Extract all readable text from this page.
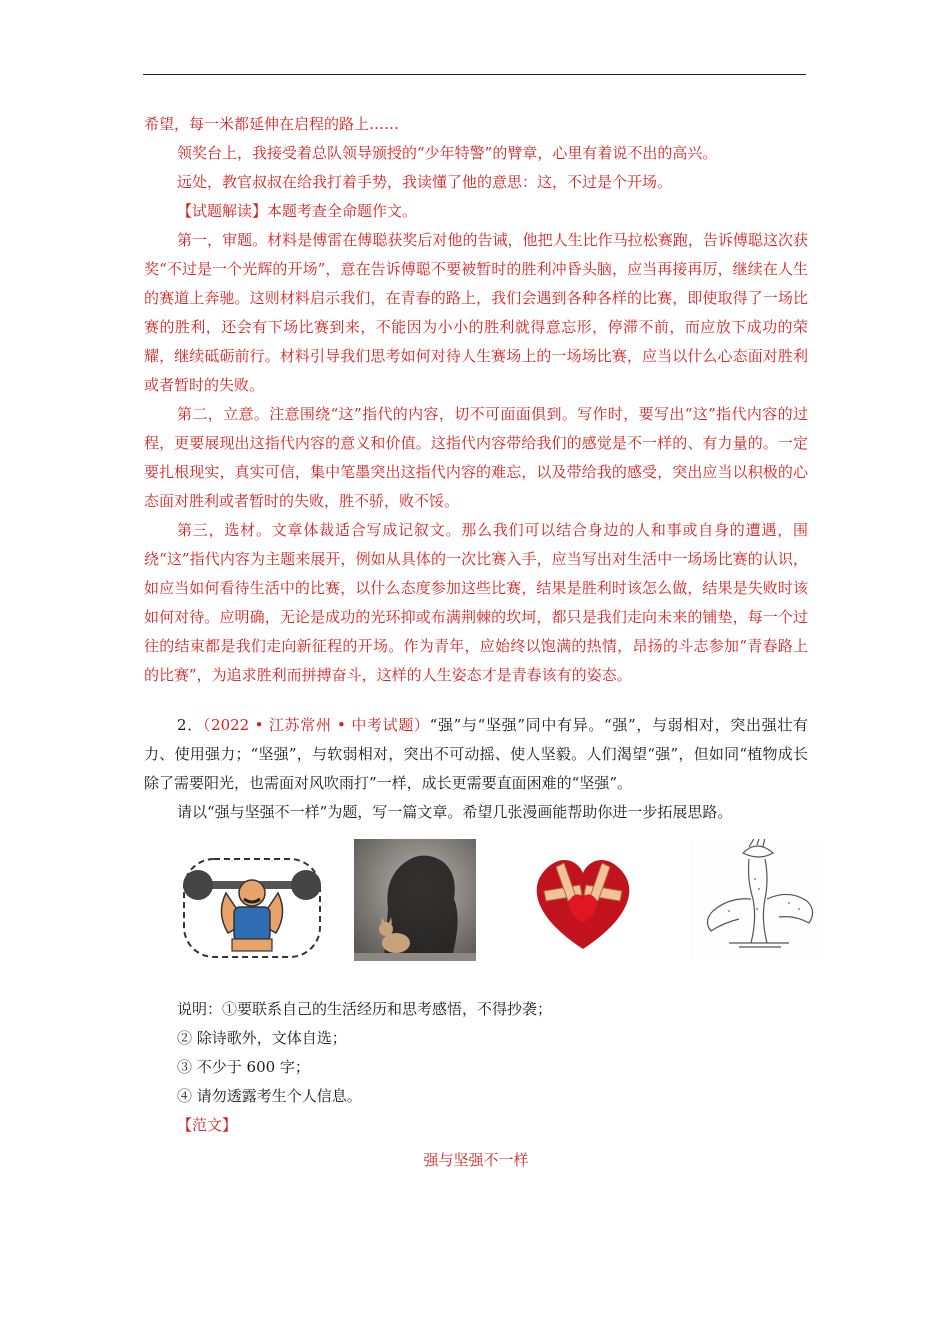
希望，每一米都延伸在启程的路上……

领奖台上，我接受着总队领导颁授的“少年特警”的臂章，心里有着说不出的高兴。

远处，教官叔叔在给我打着手势，我读懂了他的意思：这，不过是个开场。

【试题解读】本题考查全命题作文。

第一，审题。材料是傅雷在傅聪获奖后对他的告诫，他把人生比作马拉松赛跑，告诉傅聪这次获奖“不过是一个光辉的开场”，意在告诉傅聪不要被暂时的胜利冲昏头脑，应当再接再厉，继续在人生的赛道上奔驰。这则材料启示我们，在青春的路上，我们会遇到各种各样的比赛，即使取得了一场比赛的胜利，还会有下场比赛到来，不能因为小小的胜利就得意忘形，停滞不前，而应放下成功的荣耀，继续砥砺前行。材料引导我们思考如何对待人生赛场上的一场场比赛，应当以什么心态面对胜利或者暂时的失败。

第二，立意。注意围绕“这”指代的内容，切不可面面俱到。写作时，要写出“这”指代内容的过程，更要展现出这指代内容的意义和价值。这指代内容带给我们的感觉是不一样的、有力量的。一定要扎根现实，真实可信，集中笔墨突出这指代内容的难忘，以及带给我的感受，突出应当以积极的心态面对胜利或者暂时的失败，胜不骄，败不馁。

第三，选材。文章体裁适合写成记叙文。那么我们可以结合身边的人和事或自身的遭遇，围绕“这”指代内容为主题来展开，例如从具体的一次比赛入手，应当写出对生活中一场场比赛的认识，如应当如何看待生活中的比赛，以什么态度参加这些比赛，结果是胜利时该怎么做，结果是失败时该如何对待。应明确，无论是成功的光环抑或布满荆棘的坎坷，都只是我们走向未来的铺垫，每一个过往的结束都是我们走向新征程的开场。作为青年，应始终以饱满的热情，昂扬的斗志参加“青春路上的比赛”，为追求胜利而拼搏奋斗，这样的人生姿态才是青春该有的姿态。

2．（2022 • 江苏常州 • 中考试题）“强”与“坚强”同中有异。“强”，与弱相对，突出强壮有力、使用强力；“坚强”，与软弱相对，突出不可动摇、使人坚毅。人们渴望“强”，但如同“植物成长除了需要阳光，也需面对风吹雨打”一样，成长更需要直面困难的“坚强”。

请以“强与坚强不一样”为题，写一篇文章。希望几张漫画能帮助你进一步拓展思路。

说明：①要联系自己的生活经历和思考感悟，不得抄袭；

② 除诗歌外，文体自选；

③ 不少于 600 字；

④ 请勿透露考生个人信息。

【范文】

强与坚强不一样
